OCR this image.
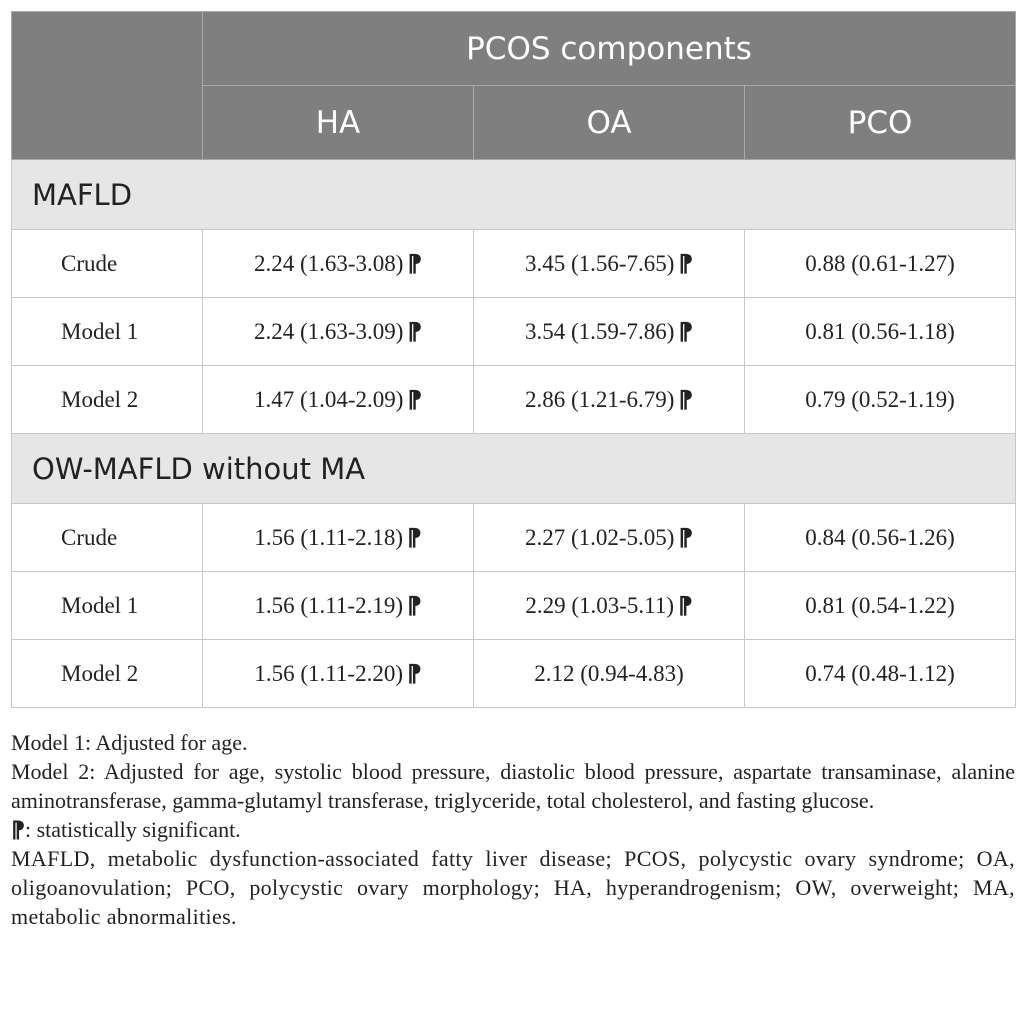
	PCOS components		
	HA	OA	PCO
MAFLD			
Crude	2.24 (1.63-3.08) ⁋	3.45 (1.56-7.65) ⁋	0.88 (0.61-1.27)
Model 1	2.24 (1.63-3.09) ⁋	3.54 (1.59-7.86) ⁋	0.81 (0.56-1.18)
Model 2	1.47 (1.04-2.09) ⁋	2.86 (1.21-6.79) ⁋	0.79 (0.52-1.19)
OW-MAFLD without MA			
Crude	1.56 (1.11-2.18) ⁋	2.27 (1.02-5.05) ⁋	0.84 (0.56-1.26)
Model 1	1.56 (1.11-2.19) ⁋	2.29 (1.03-5.11) ⁋	0.81 (0.54-1.22)
Model 2	1.56 (1.11-2.20) ⁋	2.12 (0.94-4.83)	0.74 (0.48-1.12)

Model 1: Adjusted for age.

Model 2: Adjusted for age, systolic blood pressure, diastolic blood pressure, aspartate transaminase, alanine aminotransferase, gamma-glutamyl transferase, triglyceride, total cholesterol, and fasting glucose.

⁋: statistically significant.

MAFLD, metabolic dysfunction-associated fatty liver disease; PCOS, polycystic ovary syndrome; OA, oligoanovulation; PCO, polycystic ovary morphology; HA, hyperandrogenism; OW, overweight; MA, metabolic abnormalities.
